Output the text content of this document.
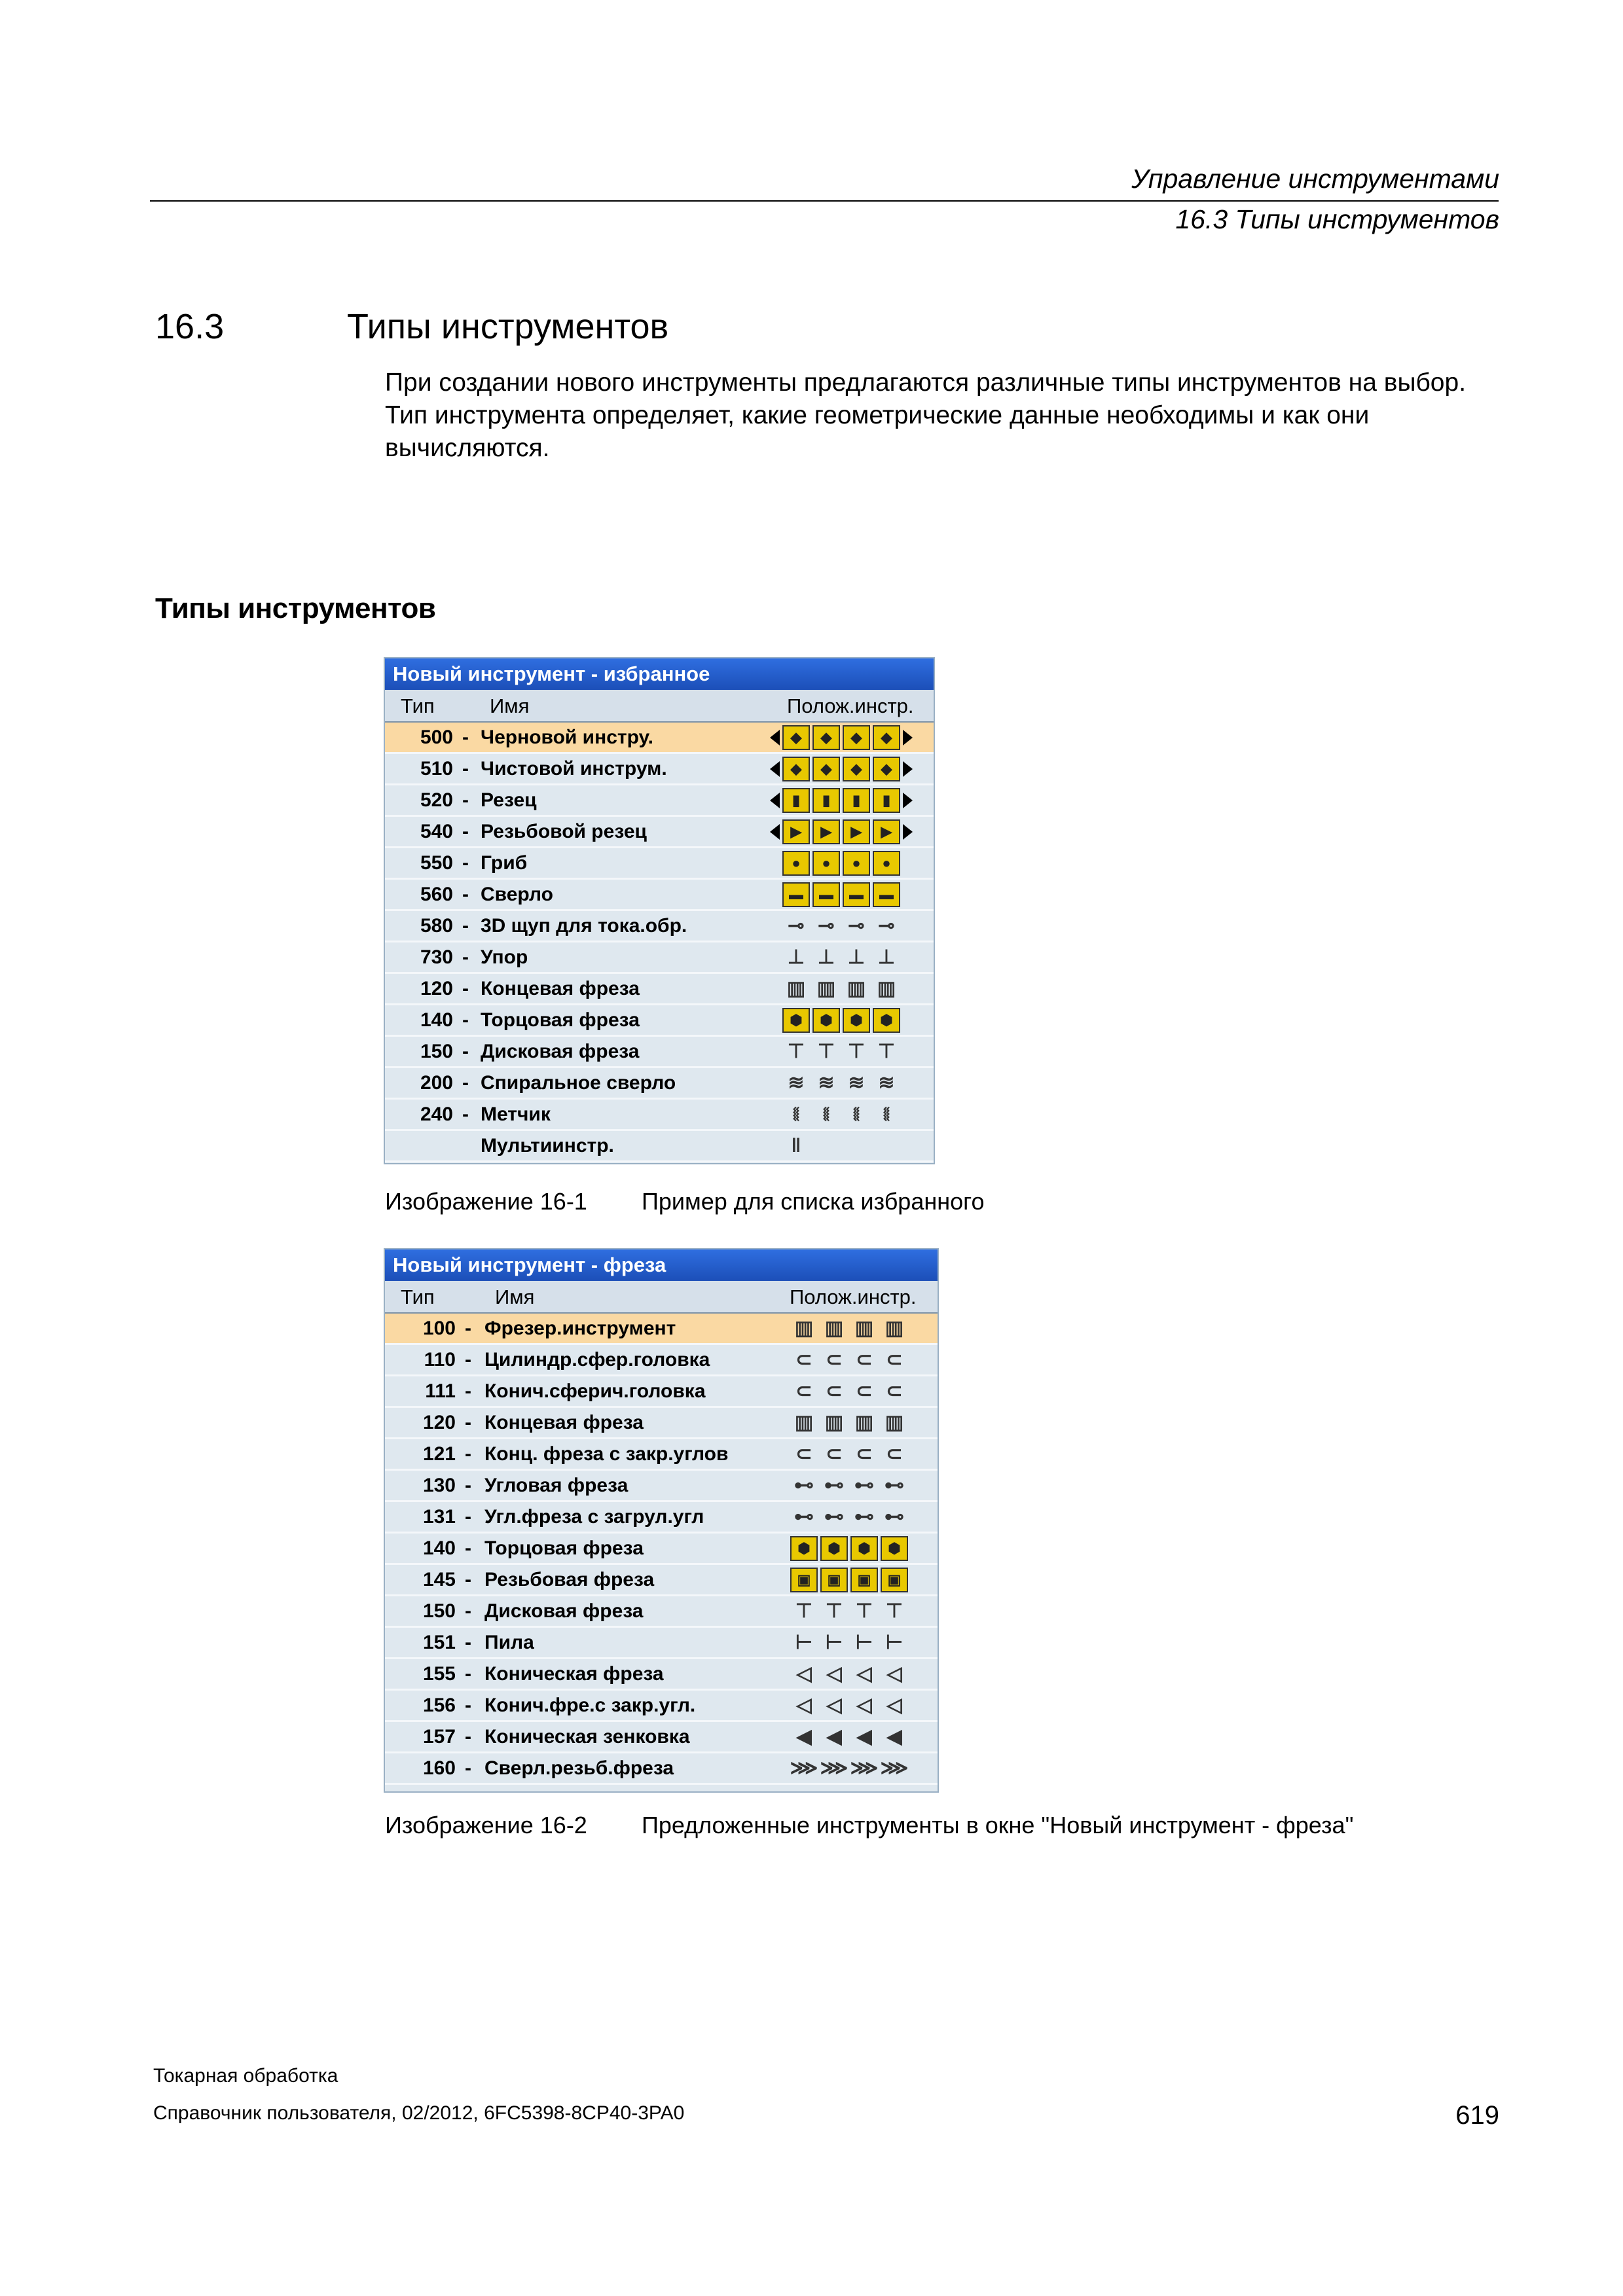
Управление инструментами
16.3 Типы инструментов
16.3	Типы инструментов
При создании нового инструменты предлагаются различные типы инструментов на выбор. Тип инструмента определяет, какие геометрические данные необходимы и как они вычисляются.
Типы инструментов
Новый инструмент - избранное
Тип	Имя	Полож.инстр.
500 - Черновой инстру.	◆	◆	◆	◆
510 - Чистовой инструм.	◆	◆	◆	◆
520 - Резец	▮	▮	▮	▮
540 - Резьбовой резец	▶	▶	▶	▶
550 - Гриб	●	●	●	●
560 - Сверло	▬	▬	▬	▬
580 - 3D щуп для тока.обр.	⊸ ⊸ ⊸ ⊸
730 - Упор	⊥ ⊥ ⊥ ⊥
120 - Концевая фреза	▥ ▥ ▥ ▥
140 - Торцовая фреза	⬢	⬢	⬢	⬢
150 - Дисковая фреза	⊤ ⊤ ⊤ ⊤
200 - Спиральное сверло	≋ ≋ ≋ ≋
240 - Метчик	⧛	⧛	⧛	⧛
Мультиинстр.	‖
Изображение 16-1 Пример для списка избранного
Новый инструмент - фреза
Тип	Имя	Полож.инстр.
100 - Фрезер.инструмент	▥ ▥ ▥ ▥
110 - Цилиндр.сфер.головка	⊂ ⊂ ⊂ ⊂
111 - Конич.сферич.головка	⊂ ⊂ ⊂ ⊂
120 - Концевая фреза	▥ ▥ ▥ ▥
121 - Конц. фреза с закр.углов	⊂ ⊂ ⊂ ⊂
130 - Угловая фреза	⊷ ⊷ ⊷ ⊷
131 - Угл.фреза с загрул.угл	⊷ ⊷ ⊷ ⊷
140 - Торцовая фреза	⬢	⬢	⬢	⬢
145 - Резьбовая фреза	▣	▣	▣	▣
150 - Дисковая фреза	⊤ ⊤ ⊤ ⊤
151 - Пила	⊢ ⊢ ⊢ ⊢
155 - Коническая фреза	◁ ◁ ◁ ◁
156 - Конич.фре.с закр.угл.	◁ ◁ ◁ ◁
157 - Коническая зенковка	◀ ◀ ◀ ◀
160 - Сверл.резьб.фреза	⋙ ⋙ ⋙ ⋙
Изображение 16-2 Предложенные инструменты в окне "Новый инструмент - фреза"
Токарная обработка
Справочник пользователя, 02/2012, 6FC5398-8CP40-3PA0	619
